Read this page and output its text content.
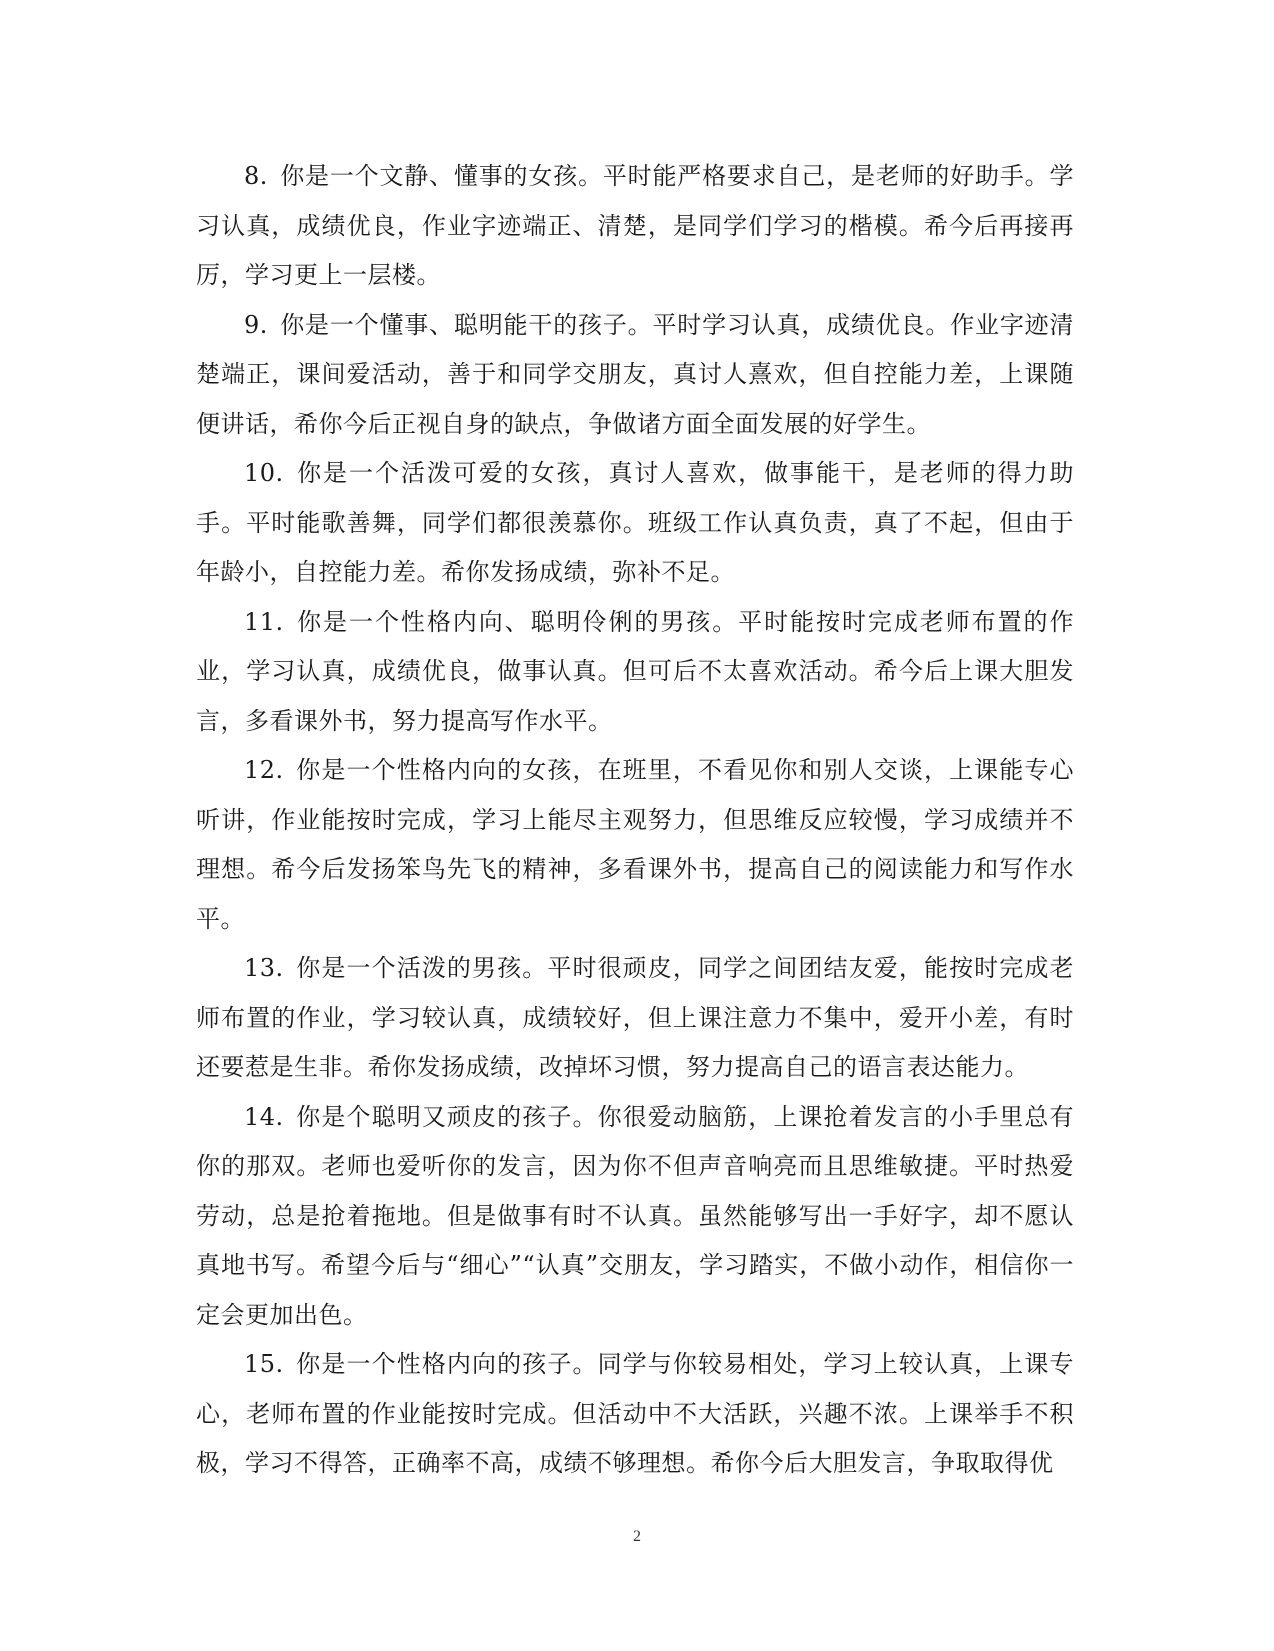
8. 你是一个文静、懂事的女孩。平时能严格要求自己，是老师的好助手。学习认真，成绩优良，作业字迹端正、清楚，是同学们学习的楷模。希今后再接再厉，学习更上一层楼。

9. 你是一个懂事、聪明能干的孩子。平时学习认真，成绩优良。作业字迹清楚端正，课间爱活动，善于和同学交朋友，真讨人熹欢，但自控能力差，上课随便讲话，希你今后正视自身的缺点，争做诸方面全面发展的好学生。

10. 你是一个活泼可爱的女孩，真讨人喜欢，做事能干，是老师的得力助手。平时能歌善舞，同学们都很羡慕你。班级工作认真负责，真了不起，但由于年龄小，自控能力差。希你发扬成绩，弥补不足。

11. 你是一个性格内向、聪明伶俐的男孩。平时能按时完成老师布置的作业，学习认真，成绩优良，做事认真。但可后不太喜欢活动。希今后上课大胆发言，多看课外书，努力提高写作水平。

12. 你是一个性格内向的女孩，在班里，不看见你和别人交谈，上课能专心听讲，作业能按时完成，学习上能尽主观努力，但思维反应较慢，学习成绩并不理想。希今后发扬笨鸟先飞的精神，多看课外书，提高自己的阅读能力和写作水平。

13. 你是一个活泼的男孩。平时很顽皮，同学之间团结友爱，能按时完成老师布置的作业，学习较认真，成绩较好，但上课注意力不集中，爱开小差，有时还要惹是生非。希你发扬成绩，改掉坏习惯，努力提高自己的语言表达能力。

14. 你是个聪明又顽皮的孩子。你很爱动脑筋，上课抢着发言的小手里总有你的那双。老师也爱听你的发言，因为你不但声音响亮而且思维敏捷。平时热爱劳动，总是抢着拖地。但是做事有时不认真。虽然能够写出一手好字，却不愿认真地书写。希望今后与“细心”“认真”交朋友，学习踏实，不做小动作，相信你一定会更加出色。

15. 你是一个性格内向的孩子。同学与你较易相处，学习上较认真，上课专心，老师布置的作业能按时完成。但活动中不大活跃，兴趣不浓。上课举手不积极，学习不得答，正确率不高，成绩不够理想。希你今后大胆发言，争取取得优

2
